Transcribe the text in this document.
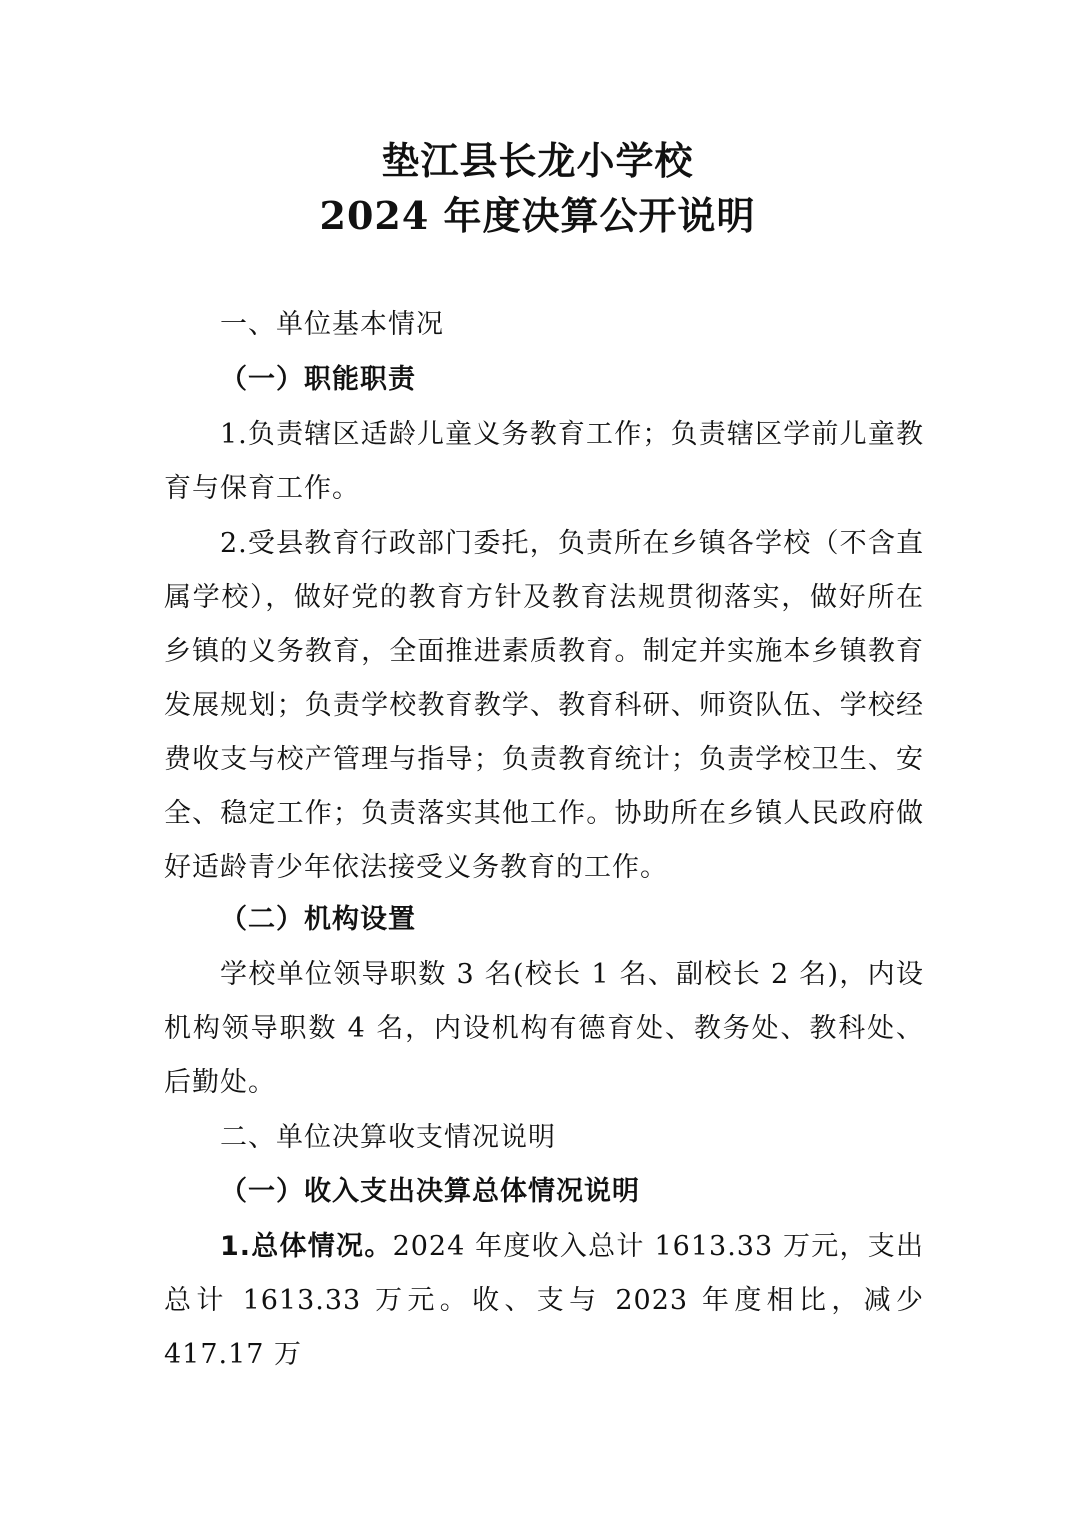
垫江县长龙小学校
2024 年度决算公开说明
一、单位基本情况
（一）职能职责
1.负责辖区适龄儿童义务教育工作；负责辖区学前儿童教育与保育工作。
2.受县教育行政部门委托，负责所在乡镇各学校（不含直属学校），做好党的教育方针及教育法规贯彻落实，做好所在乡镇的义务教育，全面推进素质教育。制定并实施本乡镇教育发展规划；负责学校教育教学、教育科研、师资队伍、学校经费收支与校产管理与指导；负责教育统计；负责学校卫生、安全、稳定工作；负责落实其他工作。协助所在乡镇人民政府做好适龄青少年依法接受义务教育的工作。
（二）机构设置
学校单位领导职数 3 名(校长 1 名、副校长 2 名)，内设机构领导职数 4 名，内设机构有德育处、教务处、教科处、后勤处。
二、单位决算收支情况说明
（一）收入支出决算总体情况说明
1.总体情况。2024 年度收入总计 1613.33 万元，支出总计 1613.33 万元。收、支与 2023 年度相比，减少 417.17 万
